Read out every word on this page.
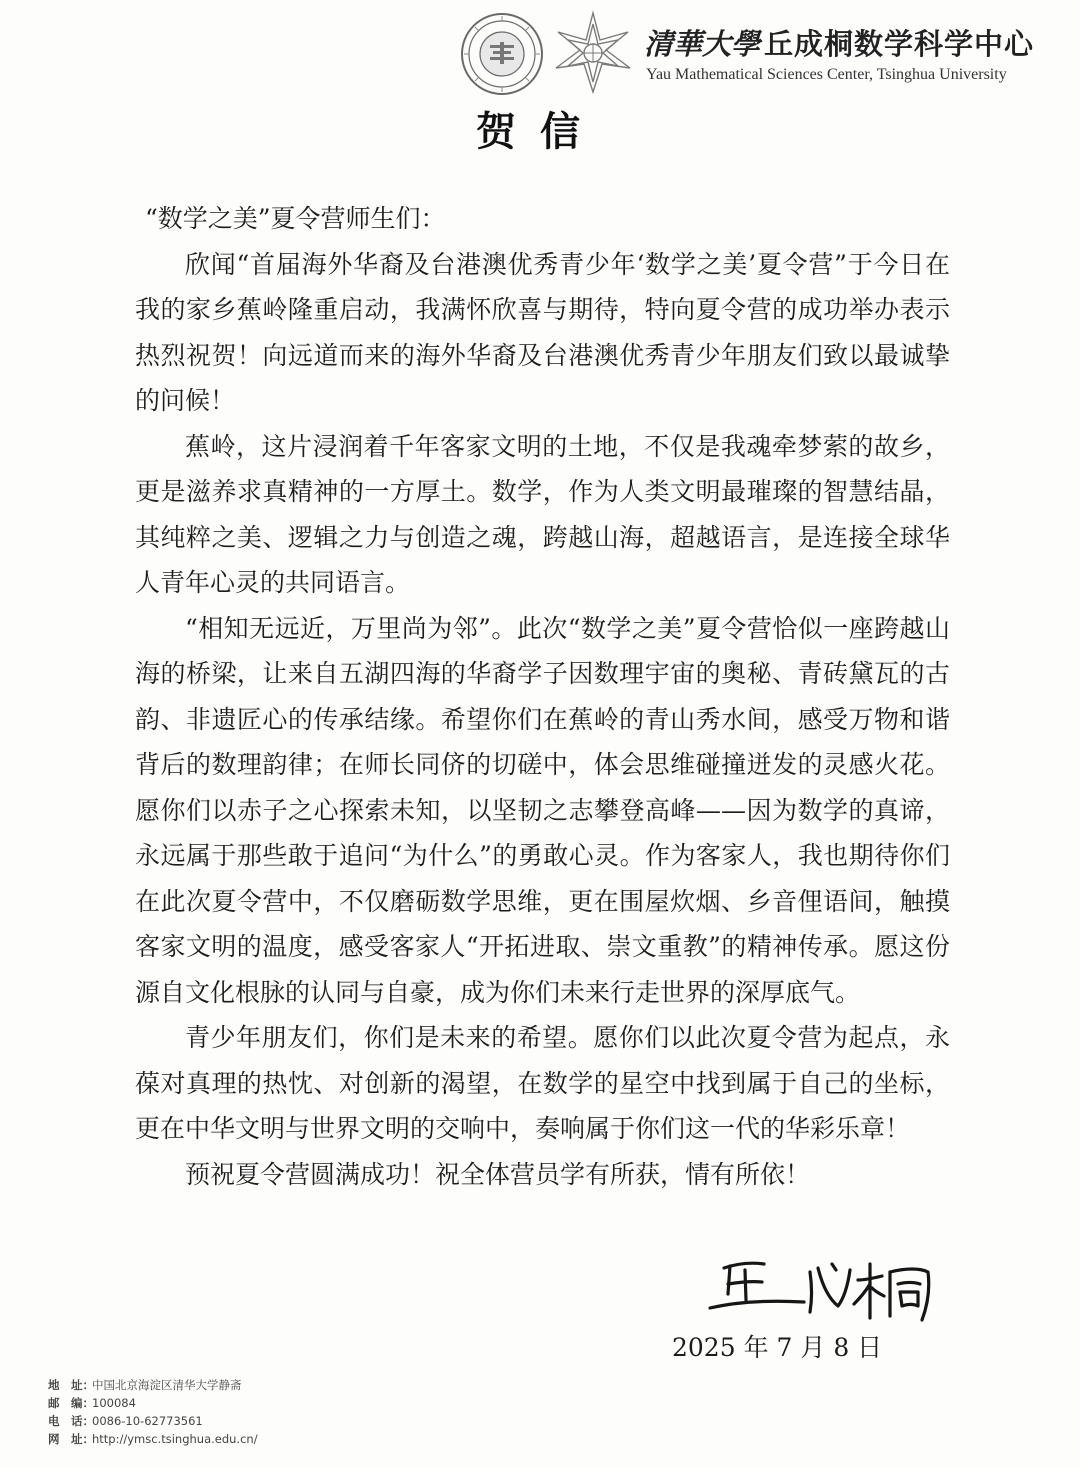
清華大學 丘成桐数学科学中心
Yau Mathematical Sciences Center, Tsinghua University
贺信

“数学之美”夏令营师生们：

欣闻“首届海外华裔及台港澳优秀青少年‘数学之美’夏令营”于今日在我的家乡蕉岭隆重启动，我满怀欣喜与期待，特向夏令营的成功举办表示热烈祝贺！向远道而来的海外华裔及台港澳优秀青少年朋友们致以最诚挚的问候！

蕉岭，这片浸润着千年客家文明的土地，不仅是我魂牵梦萦的故乡，更是滋养求真精神的一方厚土。数学，作为人类文明最璀璨的智慧结晶，其纯粹之美、逻辑之力与创造之魂，跨越山海，超越语言，是连接全球华人青年心灵的共同语言。

“相知无远近，万里尚为邻”。此次“数学之美”夏令营恰似一座跨越山海的桥梁，让来自五湖四海的华裔学子因数理宇宙的奥秘、青砖黛瓦的古韵、非遗匠心的传承结缘。希望你们在蕉岭的青山秀水间，感受万物和谐背后的数理韵律；在师长同侪的切磋中，体会思维碰撞迸发的灵感火花。愿你们以赤子之心探索未知，以坚韧之志攀登高峰——因为数学的真谛，永远属于那些敢于追问“为什么”的勇敢心灵。作为客家人，我也期待你们在此次夏令营中，不仅磨砺数学思维，更在围屋炊烟、乡音俚语间，触摸客家文明的温度，感受客家人“开拓进取、崇文重教”的精神传承。愿这份源自文化根脉的认同与自豪，成为你们未来行走世界的深厚底气。

青少年朋友们，你们是未来的希望。愿你们以此次夏令营为起点，永葆对真理的热忱、对创新的渴望，在数学的星空中找到属于自己的坐标，更在中华文明与世界文明的交响中，奏响属于你们这一代的华彩乐章！

预祝夏令营圆满成功！祝全体营员学有所获，情有所依！

2025 年 7 月 8 日
地　址：中国北京海淀区清华大学静斋
邮　编：100084
电　话：0086-10-62773561
网　址：http://ymsc.tsinghua.edu.cn/
